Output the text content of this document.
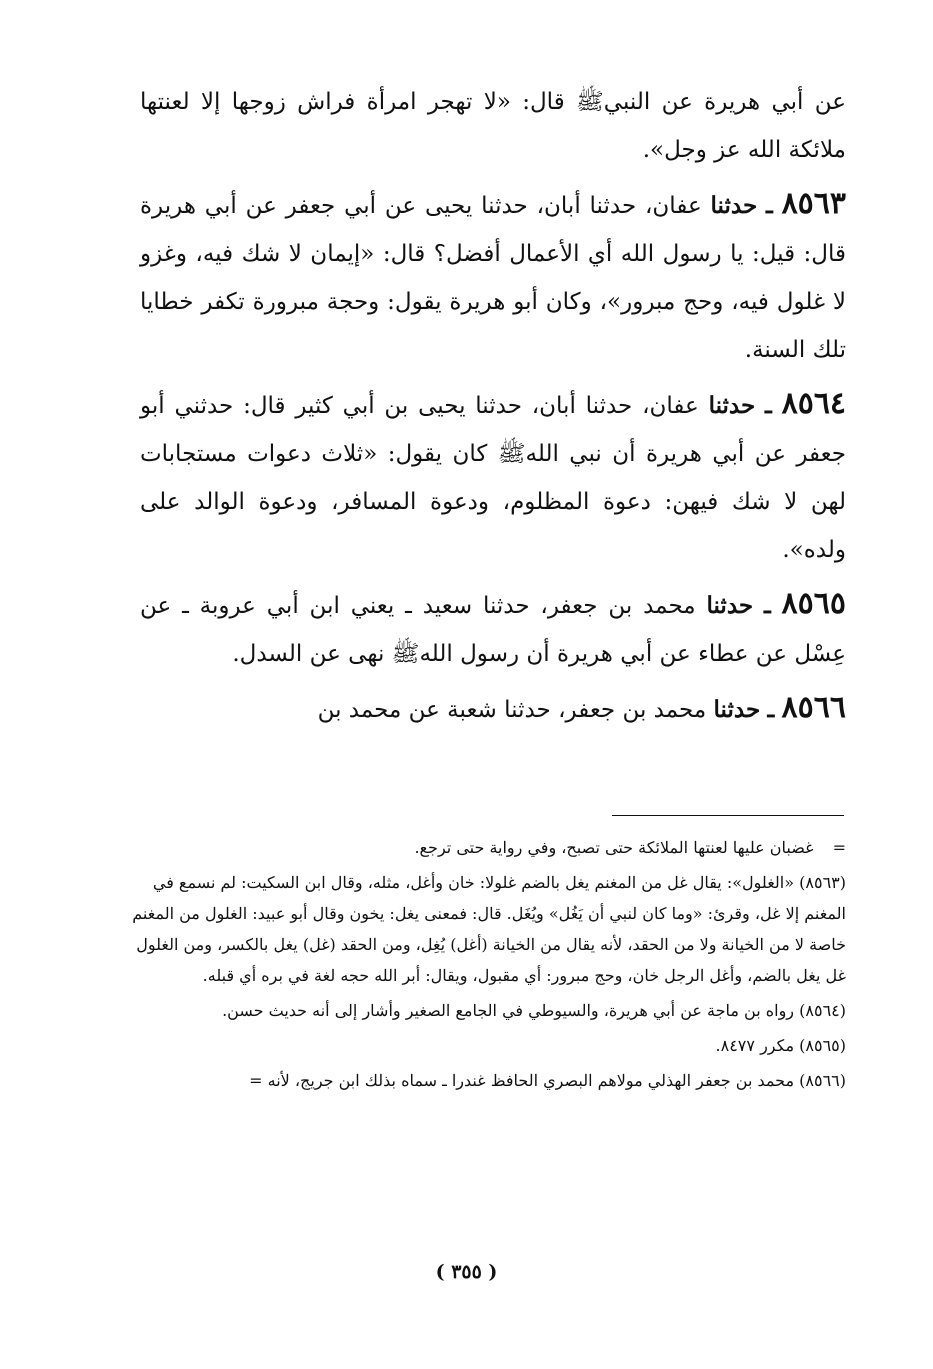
عن أبي هريرة عن النبيﷺ قال: «لا تهجر امرأة فراش زوجها إلا لعنتها ملائكة الله عز وجل».

٨٥٦٣ ـ حدثنا عفان، حدثنا أبان، حدثنا يحيى عن أبي جعفر عن أبي هريرة قال: قيل: يا رسول الله أي الأعمال أفضل؟ قال: «إيمان لا شك فيه، وغزو لا غلول فيه، وحج مبرور»، وكان أبو هريرة يقول: وحجة مبرورة تكفر خطايا تلك السنة.

٨٥٦٤ ـ حدثنا عفان، حدثنا أبان، حدثنا يحيى بن أبي كثير قال: حدثني أبو جعفر عن أبي هريرة أن نبي اللهﷺ كان يقول: «ثلاث دعوات مستجابات لهن لا شك فيهن: دعوة المظلوم، ودعوة المسافر، ودعوة الوالد على ولده».

٨٥٦٥ ـ حدثنا محمد بن جعفر، حدثنا سعيد ـ يعني ابن أبي عروبة ـ عن عِسْل عن عطاء عن أبي هريرة أن رسول اللهﷺ نهى عن السدل.

٨٥٦٦ ـ حدثنا محمد بن جعفر، حدثنا شعبة عن محمد بن

= غضبان عليها لعنتها الملائكة حتى تصبح، وفي رواية حتى ترجع.

(٨٥٦٣) «الغلول»: يقال غل من المغنم يغل بالضم غلولا: خان وأغل، مثله، وقال ابن السكيت: لم نسمع في المغنم إلا غل، وقرئ: «وما كان لنبي أن يَغُل» ويُغَل. قال: فمعنى يغل: يخون وقال أبو عبيد: الغلول من المغنم خاصة لا من الخيانة ولا من الحقد، لأنه يقال من الخيانة (أغل) يُغِل، ومن الحقد (غل) يغل بالكسر، ومن الغلول غل يغل بالضم، وأغل الرجل خان، وحج مبرور: أي مقبول، ويقال: أبر الله حجه لغة في بره أي قبله.

(٨٥٦٤) رواه بن ماجة عن أبي هريرة، والسيوطي في الجامع الصغير وأشار إلى أنه حديث حسن.

(٨٥٦٥) مكرر ٨٤٧٧.

(٨٥٦٦) محمد بن جعفر الهذلي مولاهم البصري الحافظ غندرا ـ سماه بذلك ابن جريج، لأنه =

( ٣٥٥ )
